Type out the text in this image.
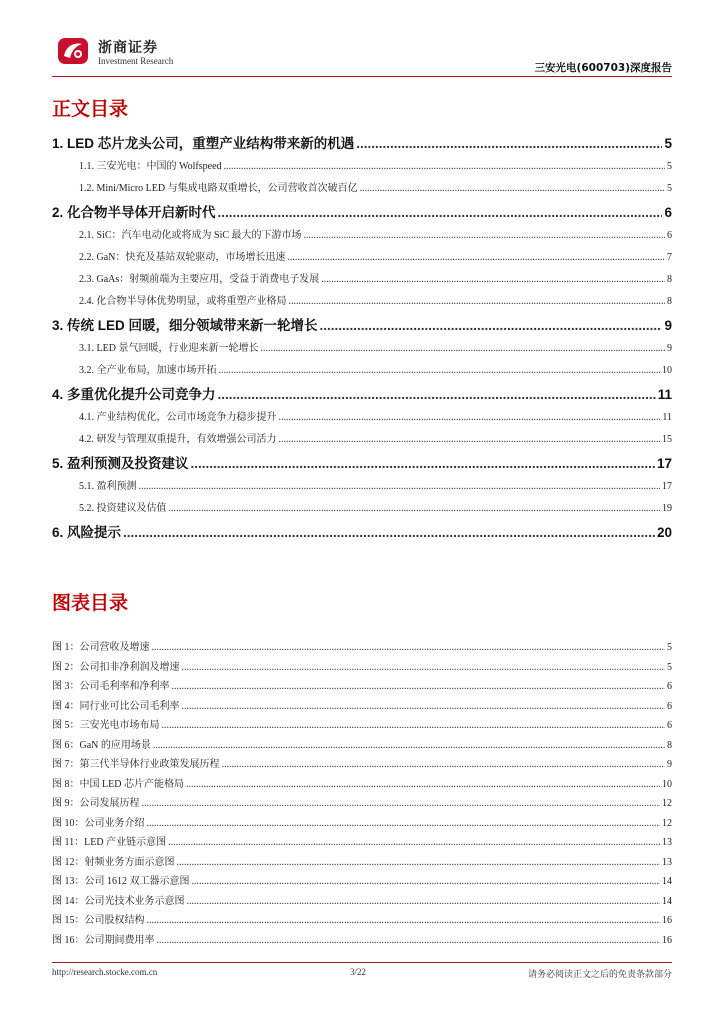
浙商证券
Investment Research
三安光电(600703)深度报告
正文目录
1. LED 芯片龙头公司，重塑产业结构带来新的机遇 .....	5
1.1. 三安光电：中国的 Wolfspeed .....	5
1.2. Mini/Micro LED 与集成电路双重增长，公司营收首次破百亿 .....	5
2. 化合物半导体开启新时代 .....	6
2.1. SiC：汽车电动化或将成为 SiC 最大的下游市场 .....	6
2.2. GaN：快充及基站双轮驱动，市场增长迅速 .....	7
2.3. GaAs：射频前端为主要应用，受益于消费电子发展 .....	8
2.4. 化合物半导体优势明显，或将重塑产业格局 .....	8
3. 传统 LED 回暖，细分领域带来新一轮增长 .....	9
3.1. LED 景气回暖，行业迎来新一轮增长 .....	9
3.2. 全产业布局，加速市场开拓 .....	10
4. 多重优化提升公司竞争力 .....	11
4.1. 产业结构优化，公司市场竞争力稳步提升 .....	11
4.2. 研发与管理双重提升，有效增强公司活力 .....	15
5. 盈利预测及投资建议 .....	17
5.1. 盈利预测 .....	17
5.2. 投资建议及估值 .....	19
6. 风险提示 .....	20
图表目录
图 1：公司营收及增速 .....	5
图 2：公司扣非净利润及增速 .....	5
图 3：公司毛利率和净利率 .....	6
图 4：同行业可比公司毛利率 .....	6
图 5：三安光电市场布局 .....	6
图 6：GaN 的应用场景 .....	8
图 7：第三代半导体行业政策发展历程 .....	9
图 8：中国 LED 芯片产能格局 .....	10
图 9：公司发展历程 .....	12
图 10：公司业务介绍 .....	12
图 11：LED 产业链示意图 .....	13
图 12：射频业务方面示意图 .....	13
图 13：公司 1612 双工器示意图 .....	14
图 14：公司光技术业务示意图 .....	14
图 15：公司股权结构 .....	16
图 16：公司期间费用率 .....	16
http://research.stocke.com.cn	3/22	请务必阅读正文之后的免责条款部分
